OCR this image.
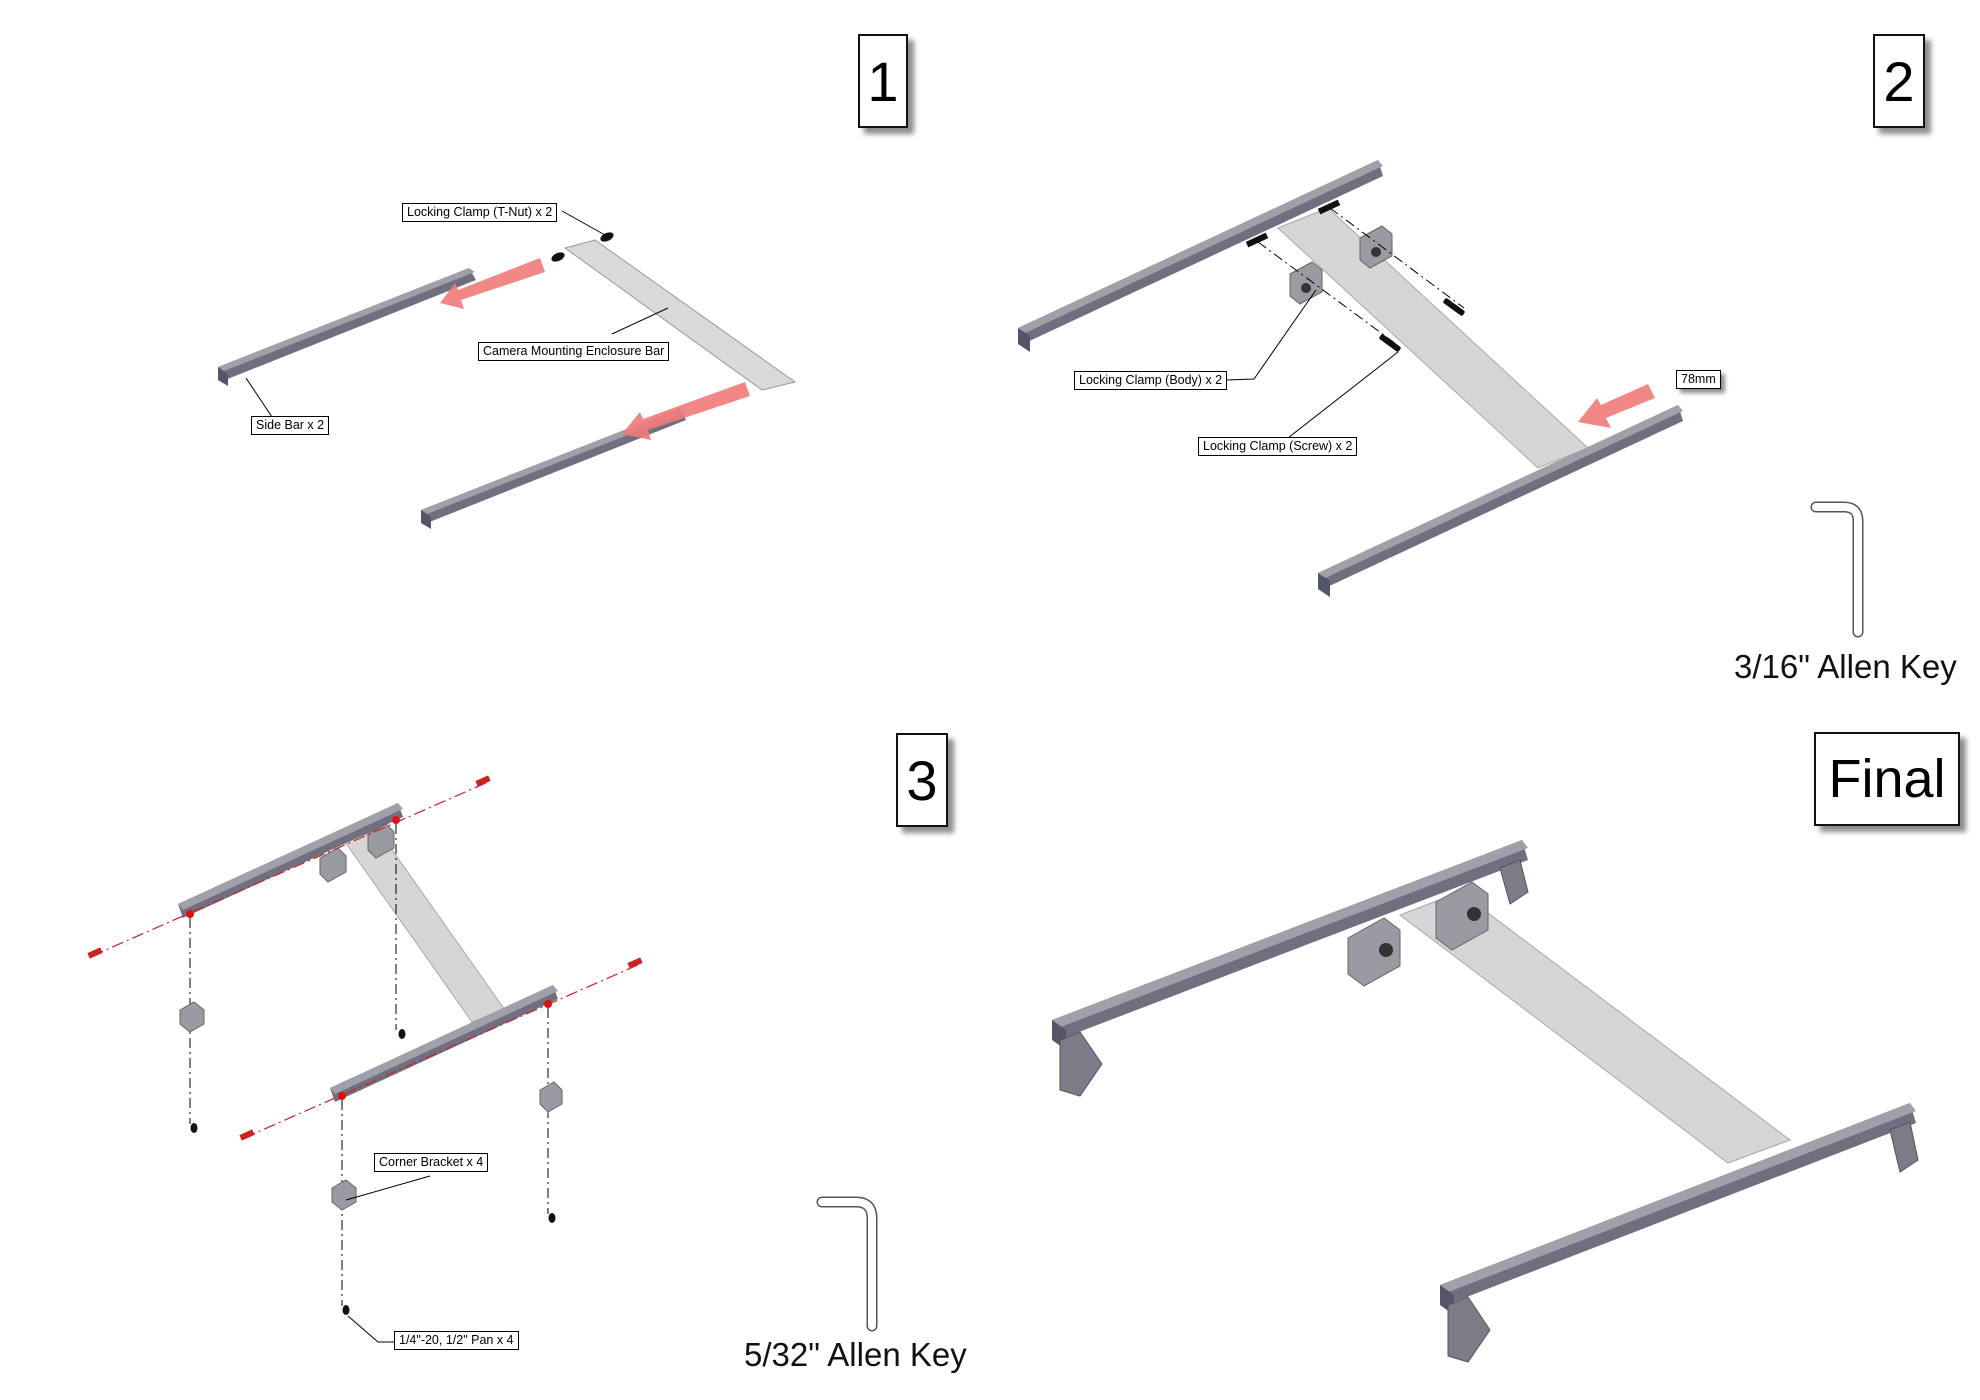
1	2
3	Final
Locking Clamp (T-Nut) x 2
Camera Mounting Enclosure Bar
Side Bar x 2
Locking Clamp (Body) x 2
Locking Clamp (Screw) x 2
78mm
Corner Bracket x 4
1/4"-20, 1/2" Pan x 4
3/16" Allen Key
5/32" Allen Key
